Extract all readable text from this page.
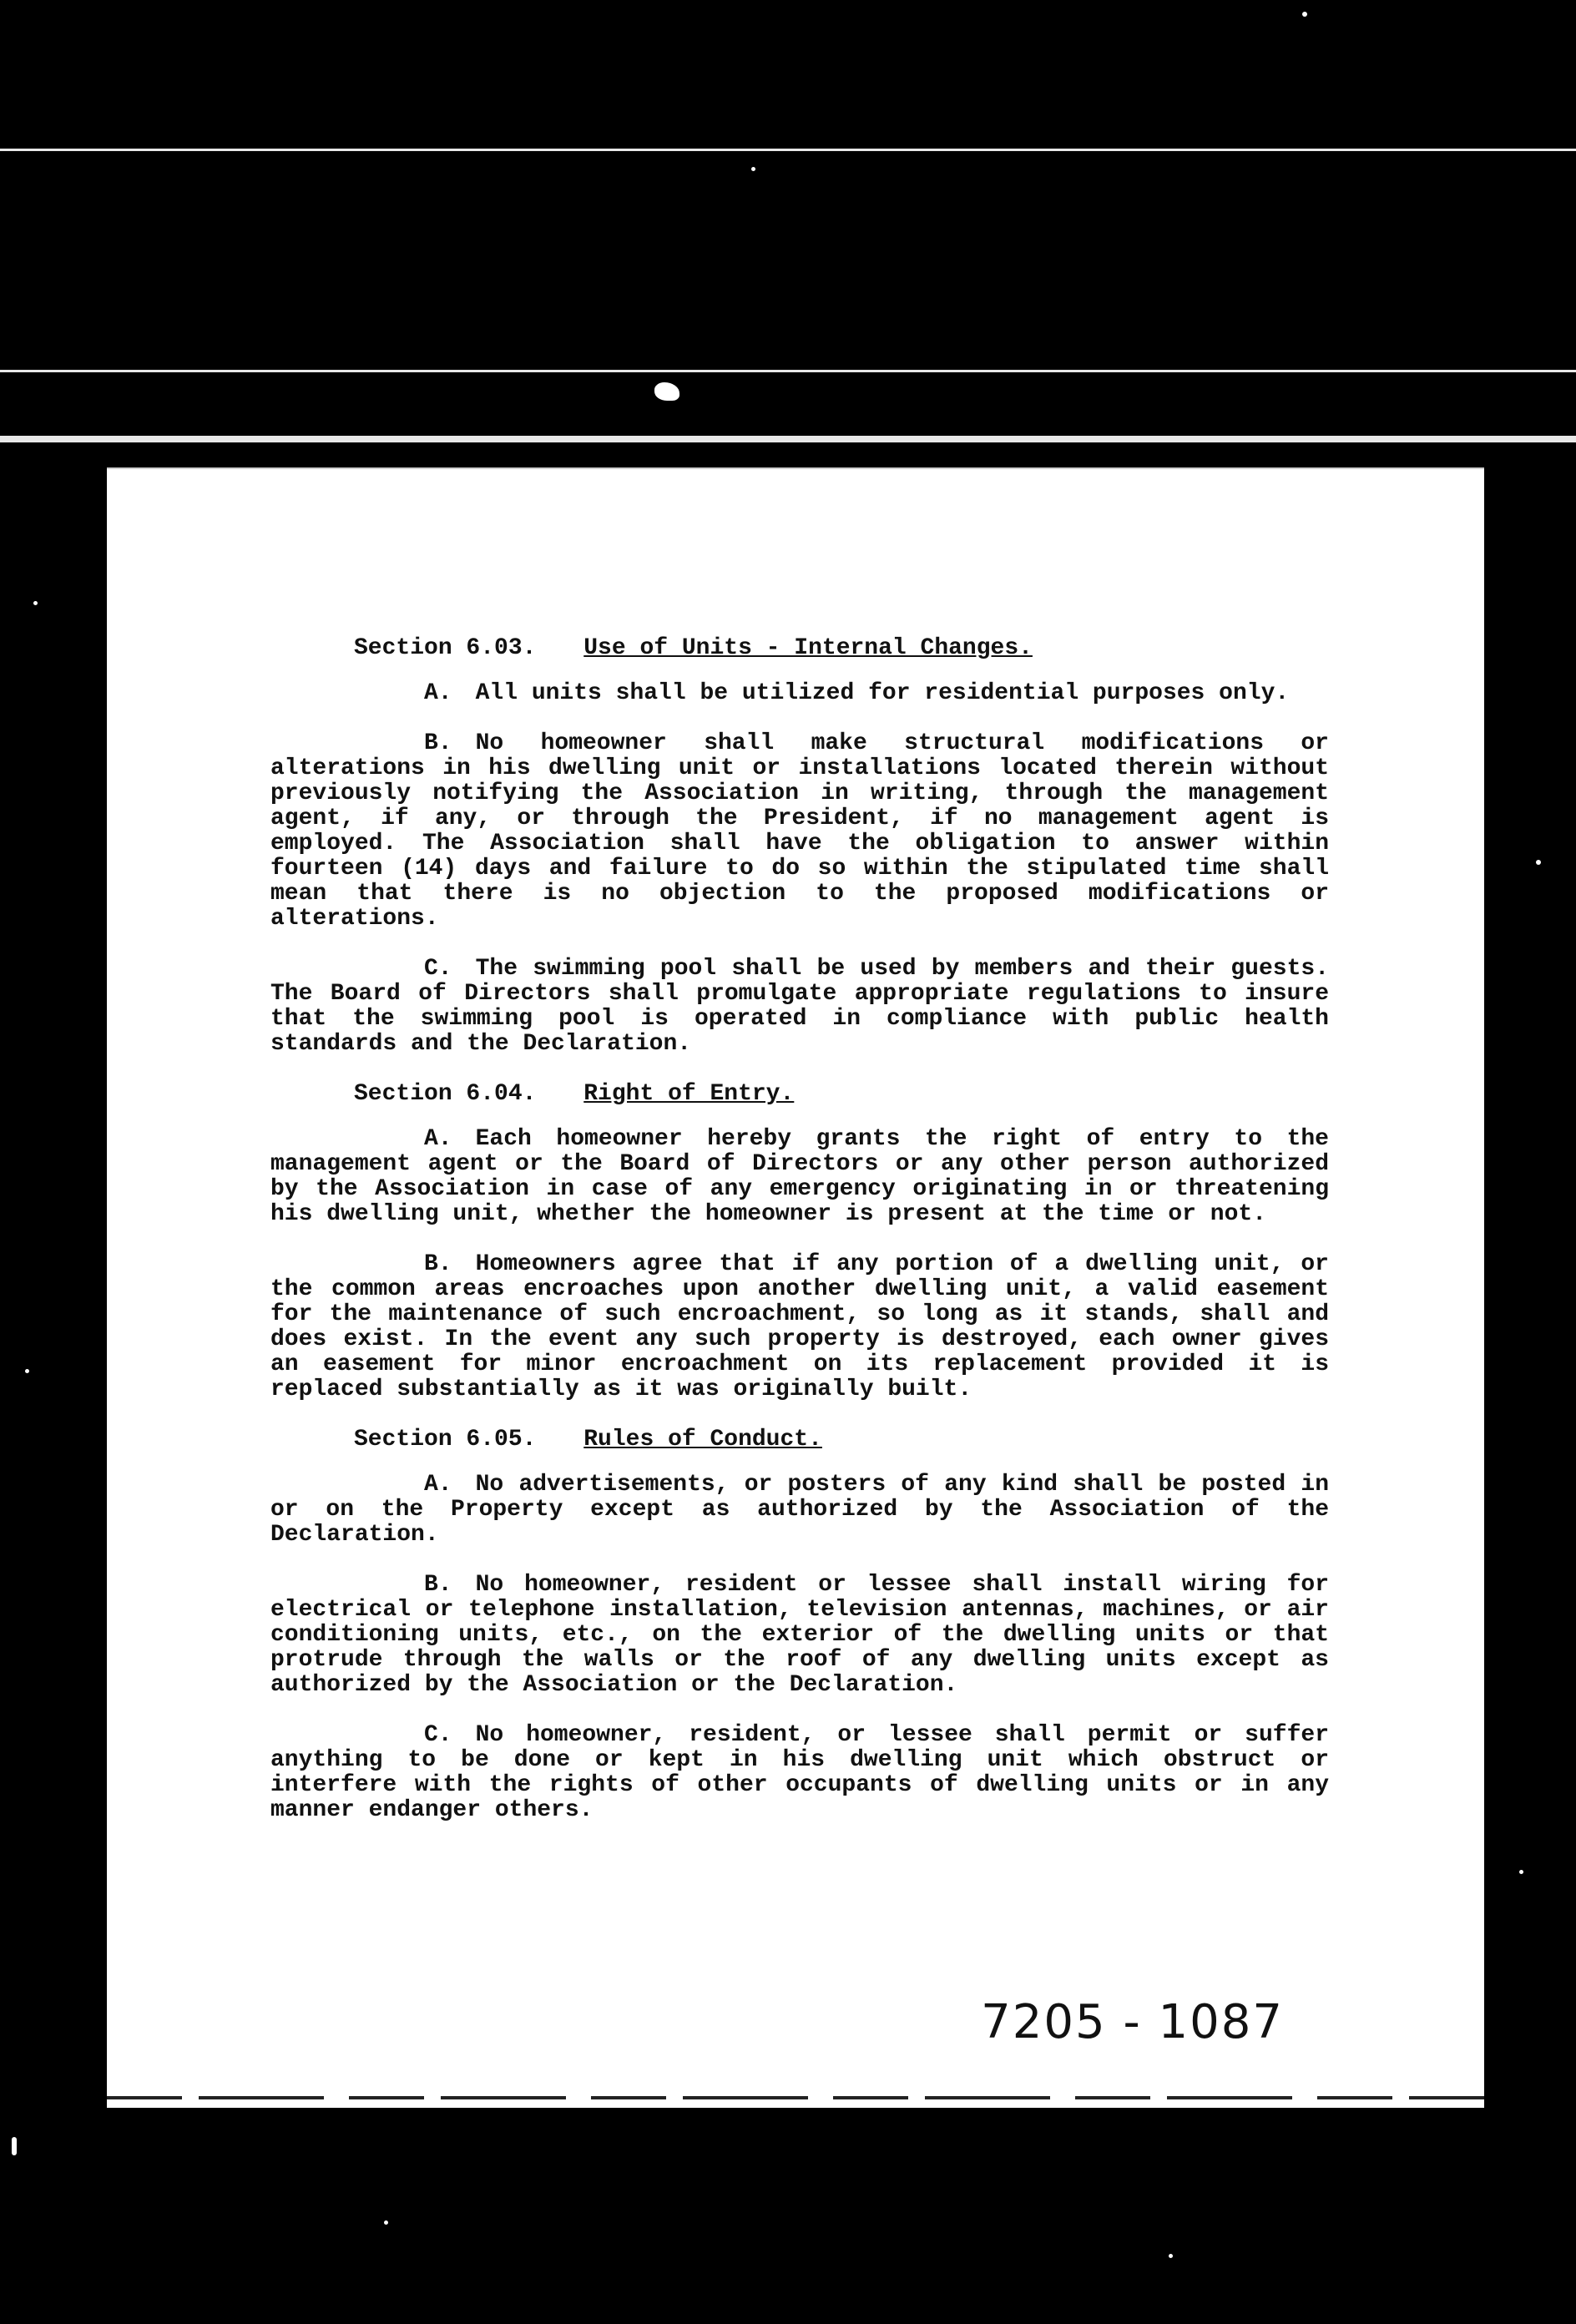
Section 6.03. Use of Units - Internal Changes.

A. All units shall be utilized for residential purposes only.

B. No homeowner shall make structural modifications or alterations in his dwelling unit or installations located therein without previously notifying the Association in writing, through the management agent, if any, or through the President, if no management agent is employed. The Association shall have the obligation to answer within fourteen (14) days and failure to do so within the stipulated time shall mean that there is no objection to the proposed modifications or alterations.

C. The swimming pool shall be used by members and their guests. The Board of Directors shall promulgate appropriate regulations to insure that the swimming pool is operated in compliance with public health standards and the Declaration.

Section 6.04. Right of Entry.

A. Each homeowner hereby grants the right of entry to the management agent or the Board of Directors or any other person authorized by the Association in case of any emergency originating in or threatening his dwelling unit, whether the homeowner is present at the time or not.

B. Homeowners agree that if any portion of a dwelling unit, or the common areas encroaches upon another dwelling unit, a valid easement for the maintenance of such encroachment, so long as it stands, shall and does exist. In the event any such property is destroyed, each owner gives an easement for minor encroachment on its replacement provided it is replaced substantially as it was originally built.

Section 6.05. Rules of Conduct.

A. No advertisements, or posters of any kind shall be posted in or on the Property except as authorized by the Association of the Declaration.

B. No homeowner, resident or lessee shall install wiring for electrical or telephone installation, television antennas, machines, or air conditioning units, etc., on the exterior of the dwelling units or that protrude through the walls or the roof of any dwelling units except as authorized by the Association or the Declaration.

C. No homeowner, resident, or lessee shall permit or suffer anything to be done or kept in his dwelling unit which obstruct or interfere with the rights of other occupants of dwelling units or in any manner endanger others.

7205 - 1087
